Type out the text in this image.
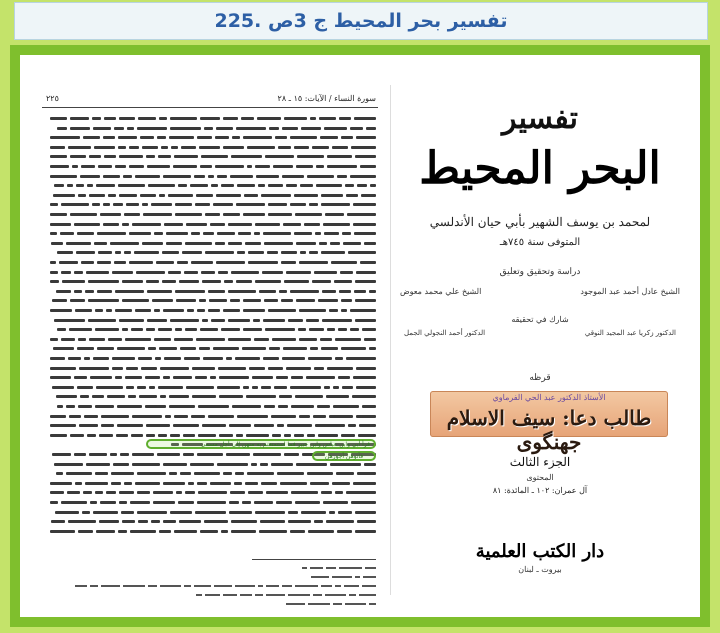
تفسير بحر المحيط ج 3ص .225
٢٢٥	سورة النساء / الآيات: ١٥ ـ ٢٨
قرأ أبي وابن عباس وابن جبير فما استمتعتم به منهن إلى أجل مسمى
فآتوهن أجورهن
تفسير
البحر المحيط
لمحمد بن يوسف الشهير بأبي حيان الأندلسي
المتوفى سنة ٧٤٥هـ
دراسة وتحقيق وتعليق
الشيخ عادل أحمد عبد الموجود
الشيخ علي محمد معوض
شارك في تحقيقه
الدكتور زكريا عبد المجيد النوقي
الدكتور أحمد النجولي الجمل
قرظه
الأستاذ الدكتور عبد الحي الفرماوي
طالب دعا: سيف الاسلام جهنگوی
الجزء الثالث
المحتوى
آل عمران: ١٠٢ ـ المائدة: ٨١
دار الكتب العلمية
بيروت ـ لبنان
